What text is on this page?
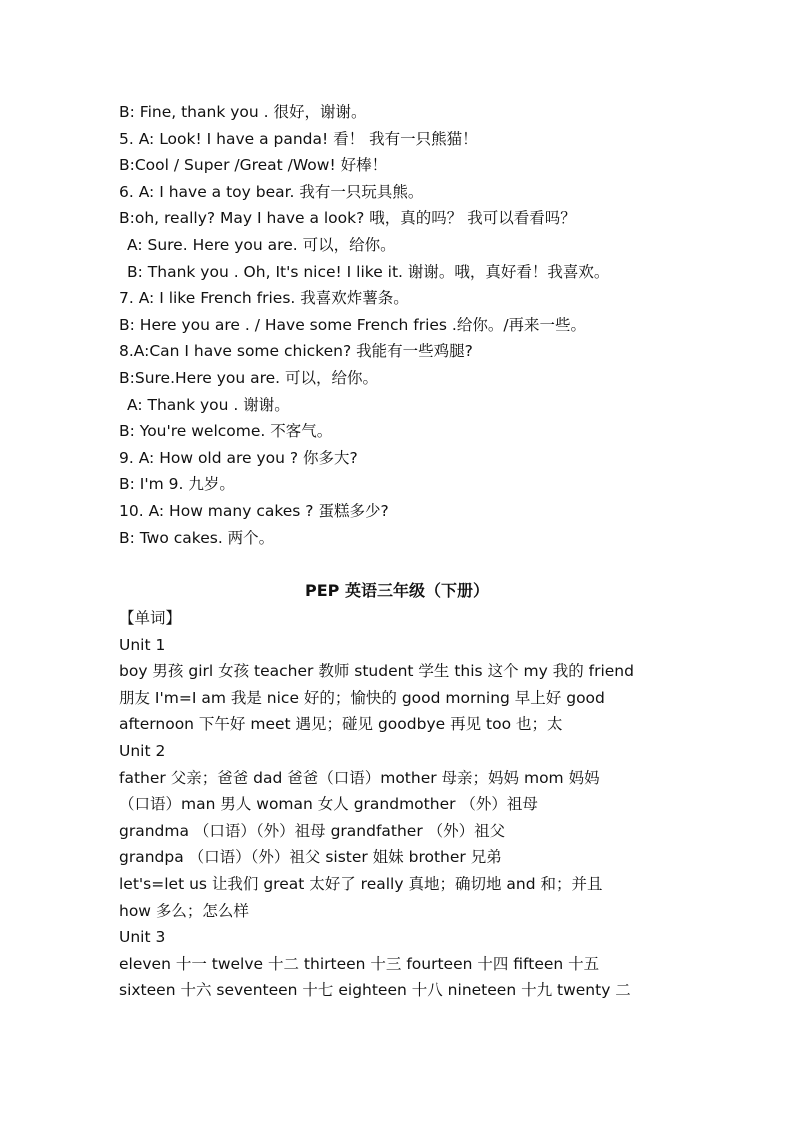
B: Fine, thank you . 很好，谢谢。
5. A: Look! I have a panda! 看！ 我有一只熊猫！
B:Cool / Super /Great /Wow! 好棒！
6. A: I have a toy bear. 我有一只玩具熊。
B:oh, really? May I have a look? 哦，真的吗？ 我可以看看吗？
A: Sure. Here you are. 可以，给你。
B: Thank you . Oh, It's nice! I like it. 谢谢。哦，真好看！我喜欢。
7. A: I like French fries. 我喜欢炸薯条。
B: Here you are . / Have some French fries .给你。/再来一些。
8.A:Can I have some chicken? 我能有一些鸡腿?
B:Sure.Here you are. 可以，给你。
A: Thank you . 谢谢。
B: You're welcome. 不客气。
9. A: How old are you ? 你多大?
B: I'm 9. 九岁。
10. A: How many cakes ? 蛋糕多少?
B: Two cakes. 两个。
PEP 英语三年级（下册）
【单词】
Unit 1
boy 男孩 girl 女孩 teacher 教师 student 学生 this 这个 my 我的 friend
朋友 I'm=I am 我是 nice 好的；愉快的 good morning 早上好 good
afternoon 下午好 meet 遇见；碰见 goodbye 再见 too 也；太
Unit 2
father 父亲；爸爸 dad 爸爸（口语）mother 母亲；妈妈 mom 妈妈
（口语）man 男人 woman 女人 grandmother （外）祖母
grandma （口语）（外）祖母 grandfather （外）祖父
grandpa （口语）（外）祖父 sister 姐妹 brother 兄弟
let's=let us 让我们 great 太好了 really 真地；确切地 and 和；并且
how 多么；怎么样
Unit 3
eleven 十一 twelve 十二 thirteen 十三 fourteen 十四 fifteen 十五
sixteen 十六 seventeen 十七 eighteen 十八 nineteen 十九 twenty 二
